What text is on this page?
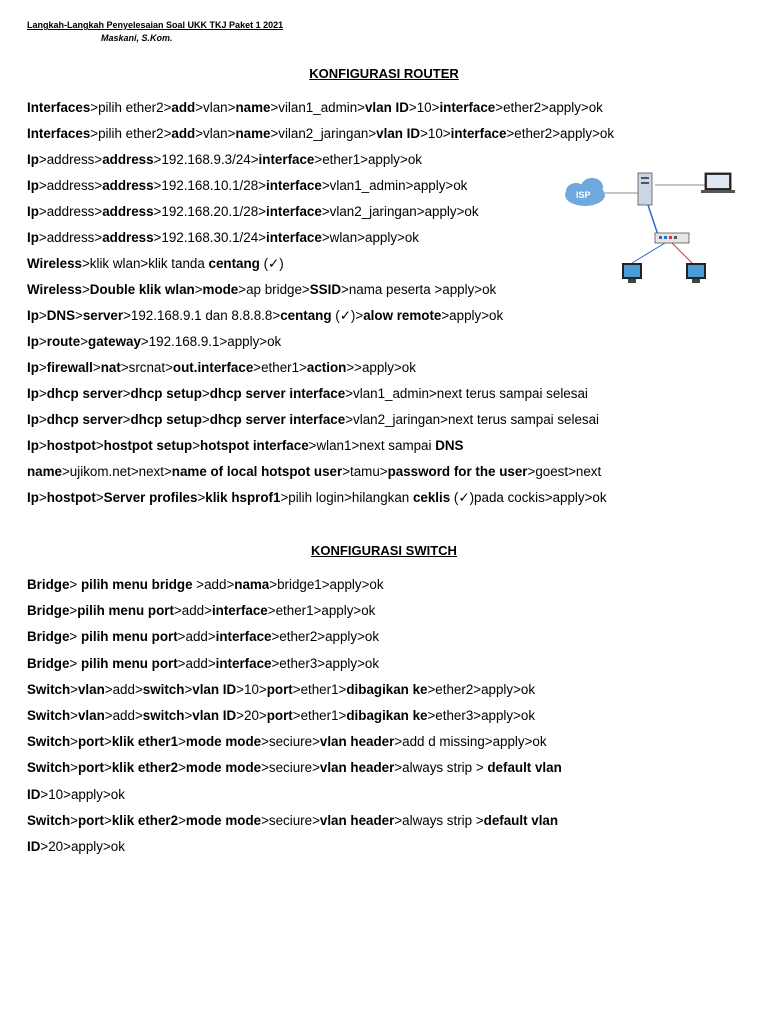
Langkah-Langkah Penyelesaian Soal UKK TKJ Paket 1 2021
Maskani, S.Kom.
KONFIGURASI ROUTER
Interfaces>pilih ether2>add>vlan>name>vilan1_admin>vlan ID>10>interface>ether2>apply>ok
Interfaces>pilih ether2>add>vlan>name>vilan2_jaringan>vlan ID>10>interface>ether2>apply>ok
Ip>address>address>192.168.9.3/24>interface>ether1>apply>ok
Ip>address>address>192.168.10.1/28>interface>vlan1_admin>apply>ok
Ip>address>address>192.168.20.1/28>interface>vlan2_jaringan>apply>ok
Ip>address>address>192.168.30.1/24>interface>wlan>apply>ok
Wireless>klik wlan>klik tanda centang (✓)
Wireless>Double klik wlan>mode>ap bridge>SSID>nama peserta >apply>ok
Ip>DNS>server>192.168.9.1 dan 8.8.8.8>centang (✓)>alow remote>apply>ok
Ip>route>gateway>192.168.9.1>apply>ok
Ip>firewall>nat>srcnat>out.interface>ether1>action>>apply>ok
Ip>dhcp server>dhcp setup>dhcp server interface>vlan1_admin>next terus sampai selesai
Ip>dhcp server>dhcp setup>dhcp server interface>vlan2_jaringan>next terus sampai selesai
Ip>hostpot>hostpot setup>hotspot interface>wlan1>next sampai DNS
name>ujikom.net>next>name of local hotspot user>tamu>password for the user>goest>next
Ip>hostpot>Server profiles>klik hsprof1>pilih login>hilangkan ceklis (✓)pada cockis>apply>ok
KONFIGURASI SWITCH
Bridge> pilih menu bridge >add>nama>bridge1>apply>ok
Bridge>pilih menu port>add>interface>ether1>apply>ok
Bridge> pilih menu port>add>interface>ether2>apply>ok
Bridge> pilih menu port>add>interface>ether3>apply>ok
Switch>vlan>add>switch>vlan ID>10>port>ether1>dibagikan ke>ether2>apply>ok
Switch>vlan>add>switch>vlan ID>20>port>ether1>dibagikan ke>ether3>apply>ok
Switch>port>klik ether1>mode mode>seciure>vlan header>add d missing>apply>ok
Switch>port>klik ether2>mode mode>seciure>vlan header>always strip > default vlan
ID>10>apply>ok
Switch>port>klik ether2>mode mode>seciure>vlan header>always strip >default vlan
ID>20>apply>ok
ISP
